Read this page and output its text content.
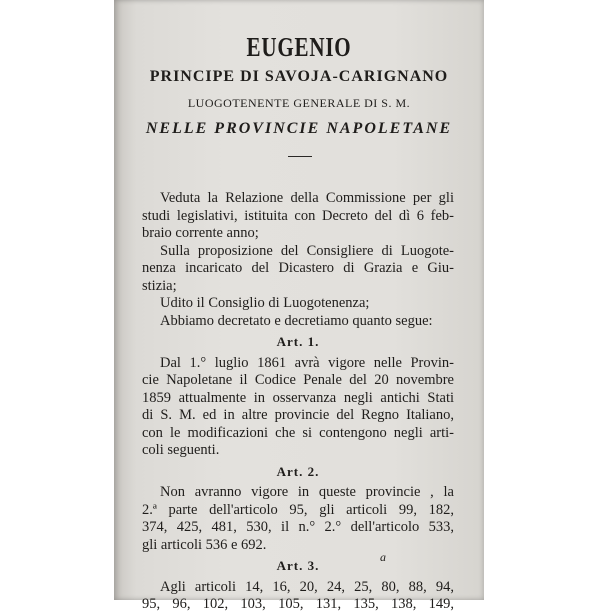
EUGENIO
PRINCIPE DI SAVOJA-CARIGNANO
LUOGOTENENTE GENERALE DI S. M.
NELLE PROVINCIE NAPOLETANE
Veduta la Relazione della Commissione per gli
studi legislativi, istituita con Decreto del dì 6 feb-
braio corrente anno;
Sulla proposizione del Consigliere di Luogote-
nenza incaricato del Dicastero di Grazia e Giu-
stizia;
Udito il Consiglio di Luogotenenza;
Abbiamo decretato e decretiamo quanto segue:
Art. 1.
Dal 1.° luglio 1861 avrà vigore nelle Provin-
cie Napoletane il Codice Penale del 20 novembre
1859 attualmente in osservanza negli antichi Stati
di S. M. ed in altre provincie del Regno Italiano,
con le modificazioni che si contengono negli arti-
coli seguenti.
Art. 2.
Non avranno vigore in queste provincie , la
2.ª parte dell'articolo 95, gli articoli 99, 182,
374, 425, 481, 530, il n.° 2.° dell'articolo 533,
gli articoli 536 e 692.
Art. 3.
Agli articoli 14, 16, 20, 24, 25, 80, 88, 94,
95, 96, 102, 103, 105, 131, 135, 138, 149,
a
